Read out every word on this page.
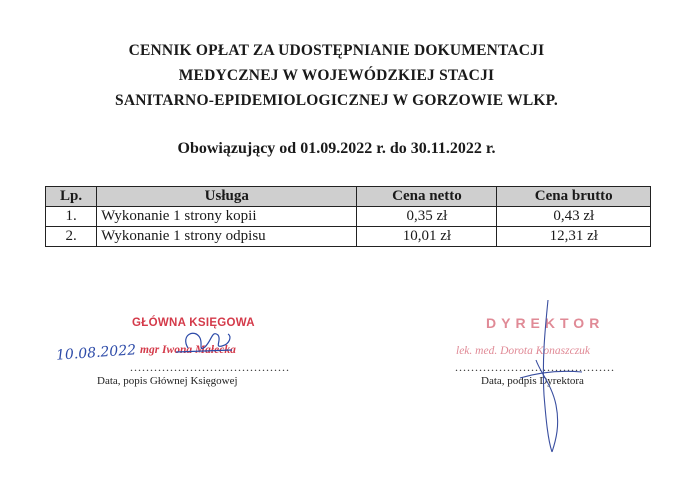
CENNIK OPŁAT ZA UDOSTĘPNIANIE DOKUMENTACJI
MEDYCZNEJ W WOJEWÓDZKIEJ STACJI
SANITARNO-EPIDEMIOLOGICZNEJ W GORZOWIE WLKP.
Obowiązujący od 01.09.2022 r. do 30.11.2022 r.
Lp.	Usługa	Cena netto	Cena brutto
1.	Wykonanie 1 strony kopii	0,35 zł	0,43 zł
2.	Wykonanie 1 strony odpisu	10,01 zł	12,31 zł
GŁÓWNA KSIĘGOWA
mgr Iwona Małecka
10.08.2022
........................................
Data, popis Głównej Księgowej
DYREKTOR
lek. med. Dorota Konaszczuk
........................................
Data, podpis Dyrektora
